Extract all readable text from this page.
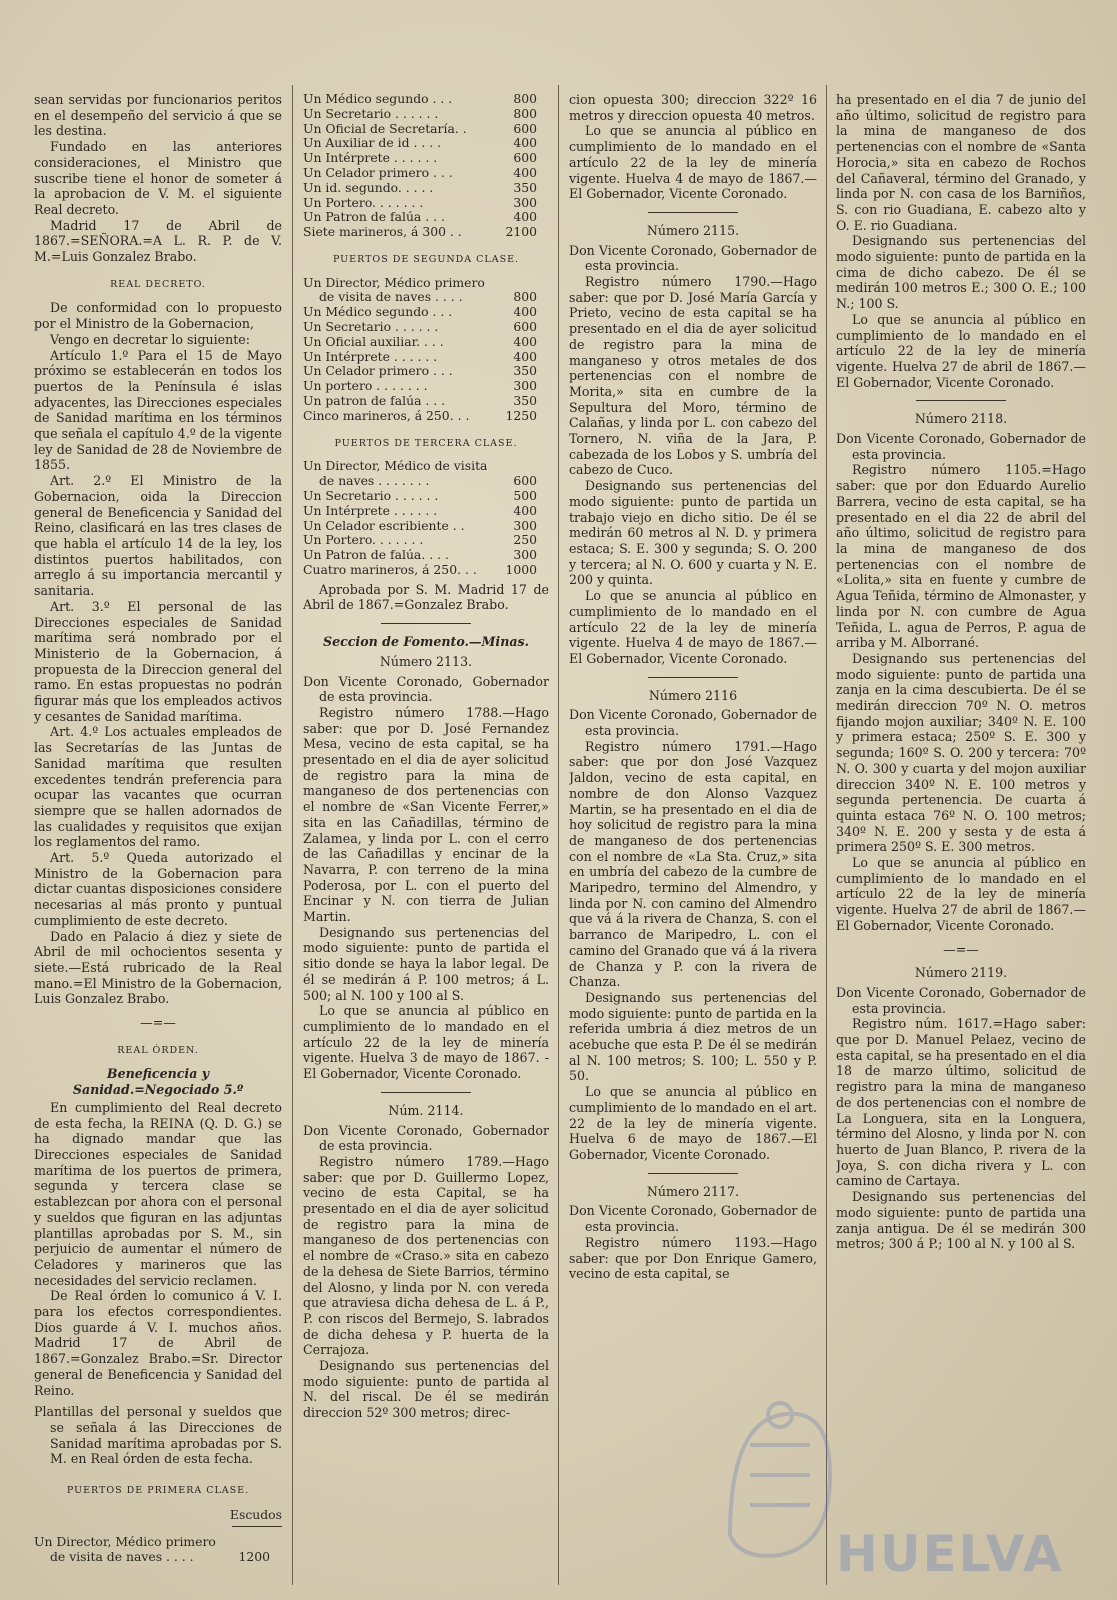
sean servidas por funcionarios peritos en el desempeño del servicio á que se les destina.

Fundado en las anteriores consideraciones, el Ministro que suscribe tiene el honor de someter á la aprobacion de V. M. el siguiente Real decreto.

Madrid 17 de Abril de 1867.=SEÑORA.=A L. R. P. de V. M.=Luis Gonzalez Brabo.

REAL DECRETO.

De conformidad con lo propuesto por el Ministro de la Gobernacion,

Vengo en decretar lo siguiente:

Artículo 1.º Para el 15 de Mayo próximo se establecerán en todos los puertos de la Península é islas adyacentes, las Direcciones especiales de Sanidad marítima en los términos que señala el capítulo 4.º de la vigente ley de Sanidad de 28 de Noviembre de 1855.

Art. 2.º El Ministro de la Gobernacion, oida la Direccion general de Beneficencia y Sanidad del Reino, clasificará en las tres clases de que habla el artículo 14 de la ley, los distintos puertos habilitados, con arreglo á su importancia mercantil y sanitaria.

Art. 3.º El personal de las Direcciones especiales de Sanidad marítima será nombrado por el Ministerio de la Gobernacion, á propuesta de la Direccion general del ramo. En estas propuestas no podrán figurar más que los empleados activos y cesantes de Sanidad marítima.

Art. 4.º Los actuales empleados de las Secretarías de las Juntas de Sanidad marítima que resulten excedentes tendrán preferencia para ocupar las vacantes que ocurran siempre que se hallen adornados de las cualidades y requisitos que exijan los reglamentos del ramo.

Art. 5.º Queda autorizado el Ministro de la Gobernacion para dictar cuantas disposiciones considere necesarias al más pronto y puntual cumplimiento de este decreto.

Dado en Palacio á diez y siete de Abril de mil ochocientos sesenta y siete.—Está rubricado de la Real mano.=El Ministro de la Gobernacion, Luis Gonzalez Brabo.

—=—

REAL ÓRDEN.

Beneficencia y Sanidad.=Negociado 5.º

En cumplimiento del Real decreto de esta fecha, la REINA (Q. D. G.) se ha dignado mandar que las Direcciones especiales de Sanidad marítima de los puertos de primera, segunda y tercera clase se establezcan por ahora con el personal y sueldos que figuran en las adjuntas plantillas aprobadas por S. M., sin perjuicio de aumentar el número de Celadores y marineros que las necesidades del servicio reclamen.

De Real órden lo comunico á V. I. para los efectos correspondientes. Dios guarde á V. I. muchos años. Madrid 17 de Abril de 1867.=Gonzalez Brabo.=Sr. Director general de Beneficencia y Sanidad del Reino.

Plantillas del personal y sueldos que se señala á las Direcciones de Sanidad marítima aprobadas por S. M. en Real órden de esta fecha.

PUERTOS DE PRIMERA CLASE.

Escudos
Un Director, Médico primero	
de visita de naves . . . .	1200
Un Médico segundo . . .	800
Un Secretario . . . . . .	800
Un Oficial de Secretaría. .	600
Un Auxiliar de id . . . .	400
Un Intérprete . . . . . .	600
Un Celador primero . . .	400
Un id. segundo. . . . .	350
Un Portero. . . . . . .	300
Un Patron de falúa . . .	400
Siete marineros, á 300 . .	2100

PUERTOS DE SEGUNDA CLASE.

Un Director, Médico primero	
de visita de naves . . . .	800
Un Médico segundo . . .	400
Un Secretario . . . . . .	600
Un Oficial auxiliar. . . .	400
Un Intérprete . . . . . .	400
Un Celador primero . . .	350
Un portero . . . . . . .	300
Un patron de falúa . . .	350
Cinco marineros, á 250. . .	1250

PUERTOS DE TERCERA CLASE.

Un Director, Médico de visita	
de naves . . . . . . .	600
Un Secretario . . . . . .	500
Un Intérprete . . . . . .	400
Un Celador escribiente . .	300
Un Portero. . . . . . .	250
Un Patron de falúa. . . .	300
Cuatro marineros, á 250. . .	1000

Aprobada por S. M. Madrid 17 de Abril de 1867.=Gonzalez Brabo.

Seccion de Fomento.—Minas.

Número 2113.

Don Vicente Coronado, Gobernador de esta provincia.

Registro número 1788.—Hago saber: que por D. José Fernandez Mesa, vecino de esta capital, se ha presentado en el dia de ayer solicitud de registro para la mina de manganeso de dos pertenencias con el nombre de «San Vicente Ferrer,» sita en las Cañadillas, término de Zalamea, y linda por L. con el cerro de las Cañadillas y encinar de la Navarra, P. con terreno de la mina Poderosa, por L. con el puerto del Encinar y N. con tierra de Julian Martin.

Designando sus pertenencias del modo siguiente: punto de partida el sitio donde se haya la labor legal. De él se medirán á P. 100 metros; á L. 500; al N. 100 y 100 al S.

Lo que se anuncia al público en cumplimiento de lo mandado en el artículo 22 de la ley de minería vigente. Huelva 3 de mayo de 1867. -El Gobernador, Vicente Coronado.

Núm. 2114.

Don Vicente Coronado, Gobernador de esta provincia.

Registro número 1789.—Hago saber: que por D. Guillermo Lopez, vecino de esta Capital, se ha presentado en el dia de ayer solicitud de registro para la mina de manganeso de dos pertenencias con el nombre de «Craso.» sita en cabezo de la dehesa de Siete Barrios, término del Alosno, y linda por N. con vereda que atraviesa dicha dehesa de L. á P., P. con riscos del Bermejo, S. labrados de dicha dehesa y P. huerta de la Cerrajoza.

Designando sus pertenencias del modo siguiente: punto de partida al N. del riscal. De él se medirán direccion 52º 300 metros; direc-

cion opuesta 300; direccion 322º 16 metros y direccion opuesta 40 metros.

Lo que se anuncia al público en cumplimiento de lo mandado en el artículo 22 de la ley de minería vigente. Huelva 4 de mayo de 1867.—El Gobernador, Vicente Coronado.

Número 2115.

Don Vicente Coronado, Gobernador de esta provincia.

Registro número 1790.—Hago saber: que por D. José María García y Prieto, vecino de esta capital se ha presentado en el dia de ayer solicitud de registro para la mina de manganeso y otros metales de dos pertenencias con el nombre de Morita,» sita en cumbre de la Sepultura del Moro, término de Calañas, y linda por L. con cabezo del Tornero, N. viña de la Jara, P. cabezada de los Lobos y S. umbría del cabezo de Cuco.

Designando sus pertenencias del modo siguiente: punto de partida un trabajo viejo en dicho sitio. De él se medirán 60 metros al N. D. y primera estaca; S. E. 300 y segunda; S. O. 200 y tercera; al N. O. 600 y cuarta y N. E. 200 y quinta.

Lo que se anuncia al público en cumplimiento de lo mandado en el artículo 22 de la ley de minería vigente. Huelva 4 de mayo de 1867.—El Gobernador, Vicente Coronado.

Número 2116

Don Vicente Coronado, Gobernador de esta provincia.

Registro número 1791.—Hago saber: que por don José Vazquez Jaldon, vecino de esta capital, en nombre de don Alonso Vazquez Martin, se ha presentado en el dia de hoy solicitud de registro para la mina de manganeso de dos pertenencias con el nombre de «La Sta. Cruz,» sita en umbría del cabezo de la cumbre de Maripedro, termino del Almendro, y linda por N. con camino del Almendro que vá á la rivera de Chanza, S. con el barranco de Maripedro, L. con el camino del Granado que vá á la rivera de Chanza y P. con la rivera de Chanza.

Designando sus pertenencias del modo siguiente: punto de partida en la referida umbria á diez metros de un acebuche que esta P. De él se medirán al N. 100 metros; S. 100; L. 550 y P. 50.

Lo que se anuncia al público en cumplimiento de lo mandado en el art. 22 de la ley de minería vigente. Huelva 6 de mayo de 1867.—El Gobernador, Vicente Coronado.

Número 2117.

Don Vicente Coronado, Gobernador de esta provincia.

Registro número 1193.—Hago saber: que por Don Enrique Gamero, vecino de esta capital, se

ha presentado en el dia 7 de junio del año último, solicitud de registro para la mina de manganeso de dos pertenencias con el nombre de «Santa Horocia,» sita en cabezo de Rochos del Cañaveral, término del Granado, y linda por N. con casa de los Barniños, S. con rio Guadiana, E. cabezo alto y O. E. rio Guadiana.

Designando sus pertenencias del modo siguiente: punto de partida en la cima de dicho cabezo. De él se medirán 100 metros E.; 300 O. E.; 100 N.; 100 S.

Lo que se anuncia al público en cumplimiento de lo mandado en el artículo 22 de la ley de minería vigente. Huelva 27 de abril de 1867.—El Gobernador, Vicente Coronado.

Número 2118.

Don Vicente Coronado, Gobernador de esta provincia.

Registro número 1105.=Hago saber: que por don Eduardo Aurelio Barrera, vecino de esta capital, se ha presentado en el dia 22 de abril del año último, solicitud de registro para la mina de manganeso de dos pertenencias con el nombre de «Lolita,» sita en fuente y cumbre de Agua Teñida, término de Almonaster, y linda por N. con cumbre de Agua Teñida, L. agua de Perros, P. agua de arriba y M. Alborrané.

Designando sus pertenencias del modo siguiente: punto de partida una zanja en la cima descubierta. De él se medirán direccion 70º N. O. metros fijando mojon auxiliar; 340º N. E. 100 y primera estaca; 250º S. E. 300 y segunda; 160º S. O. 200 y tercera: 70º N. O. 300 y cuarta y del mojon auxiliar direccion 340º N. E. 100 metros y segunda pertenencia. De cuarta á quinta estaca 76º N. O. 100 metros; 340º N. E. 200 y sesta y de esta á primera 250º S. E. 300 metros.

Lo que se anuncia al público en cumplimiento de lo mandado en el artículo 22 de la ley de minería vigente. Huelva 27 de abril de 1867.—El Gobernador, Vicente Coronado.

—=—

Número 2119.

Don Vicente Coronado, Gobernador de esta provincia.

Registro núm. 1617.=Hago saber: que por D. Manuel Pelaez, vecino de esta capital, se ha presentado en el dia 18 de marzo último, solicitud de registro para la mina de manganeso de dos pertenencias con el nombre de La Longuera, sita en la Longuera, término del Alosno, y linda por N. con huerto de Juan Blanco, P. rivera de la Joya, S. con dicha rivera y L. con camino de Cartaya.

Designando sus pertenencias del modo siguiente: punto de partida una zanja antigua. De él se medirán 300 metros; 300 á P.; 100 al N. y 100 al S.

HUELVA
